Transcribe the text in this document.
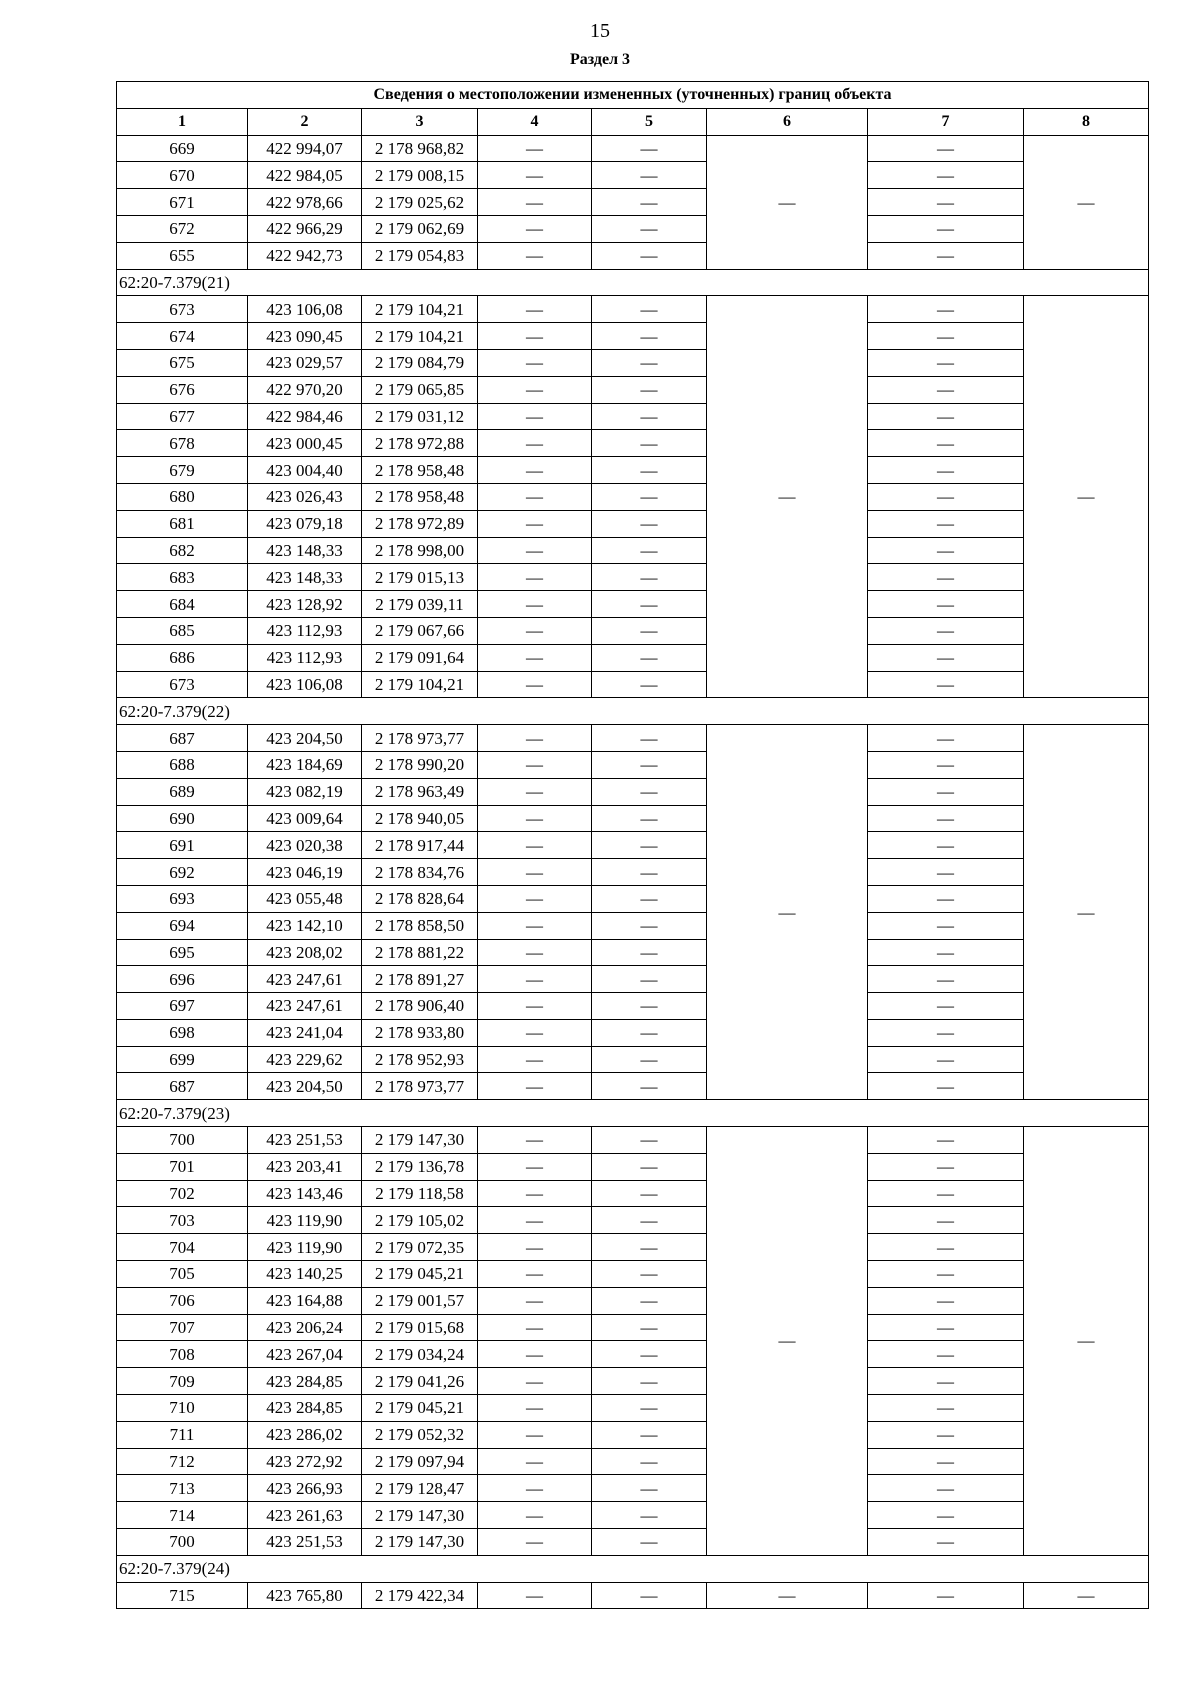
15
Раздел 3
Сведения о местоположении измененных (уточненных) границ объекта							
1	2	3	4	5	6	7	8
669	422 994,07	2 178 968,82	—	—	—	—	—
670	422 984,05	2 179 008,15	—	—		—	
671	422 978,66	2 179 025,62	—	—		—	
672	422 966,29	2 179 062,69	—	—		—	
655	422 942,73	2 179 054,83	—	—		—	
62:20-7.379(21)							
673	423 106,08	2 179 104,21	—	—	—	—	—
674	423 090,45	2 179 104,21	—	—		—	
675	423 029,57	2 179 084,79	—	—		—	
676	422 970,20	2 179 065,85	—	—		—	
677	422 984,46	2 179 031,12	—	—		—	
678	423 000,45	2 178 972,88	—	—		—	
679	423 004,40	2 178 958,48	—	—		—	
680	423 026,43	2 178 958,48	—	—		—	
681	423 079,18	2 178 972,89	—	—		—	
682	423 148,33	2 178 998,00	—	—		—	
683	423 148,33	2 179 015,13	—	—		—	
684	423 128,92	2 179 039,11	—	—		—	
685	423 112,93	2 179 067,66	—	—		—	
686	423 112,93	2 179 091,64	—	—		—	
673	423 106,08	2 179 104,21	—	—		—	
62:20-7.379(22)							
687	423 204,50	2 178 973,77	—	—	—	—	—
688	423 184,69	2 178 990,20	—	—		—	
689	423 082,19	2 178 963,49	—	—		—	
690	423 009,64	2 178 940,05	—	—		—	
691	423 020,38	2 178 917,44	—	—		—	
692	423 046,19	2 178 834,76	—	—		—	
693	423 055,48	2 178 828,64	—	—		—	
694	423 142,10	2 178 858,50	—	—		—	
695	423 208,02	2 178 881,22	—	—		—	
696	423 247,61	2 178 891,27	—	—		—	
697	423 247,61	2 178 906,40	—	—		—	
698	423 241,04	2 178 933,80	—	—		—	
699	423 229,62	2 178 952,93	—	—		—	
687	423 204,50	2 178 973,77	—	—		—	
62:20-7.379(23)							
700	423 251,53	2 179 147,30	—	—	—	—	—
701	423 203,41	2 179 136,78	—	—		—	
702	423 143,46	2 179 118,58	—	—		—	
703	423 119,90	2 179 105,02	—	—		—	
704	423 119,90	2 179 072,35	—	—		—	
705	423 140,25	2 179 045,21	—	—		—	
706	423 164,88	2 179 001,57	—	—		—	
707	423 206,24	2 179 015,68	—	—		—	
708	423 267,04	2 179 034,24	—	—		—	
709	423 284,85	2 179 041,26	—	—		—	
710	423 284,85	2 179 045,21	—	—		—	
711	423 286,02	2 179 052,32	—	—		—	
712	423 272,92	2 179 097,94	—	—		—	
713	423 266,93	2 179 128,47	—	—		—	
714	423 261,63	2 179 147,30	—	—		—	
700	423 251,53	2 179 147,30	—	—		—	
62:20-7.379(24)							
715	423 765,80	2 179 422,34	—	—	—	—	—
